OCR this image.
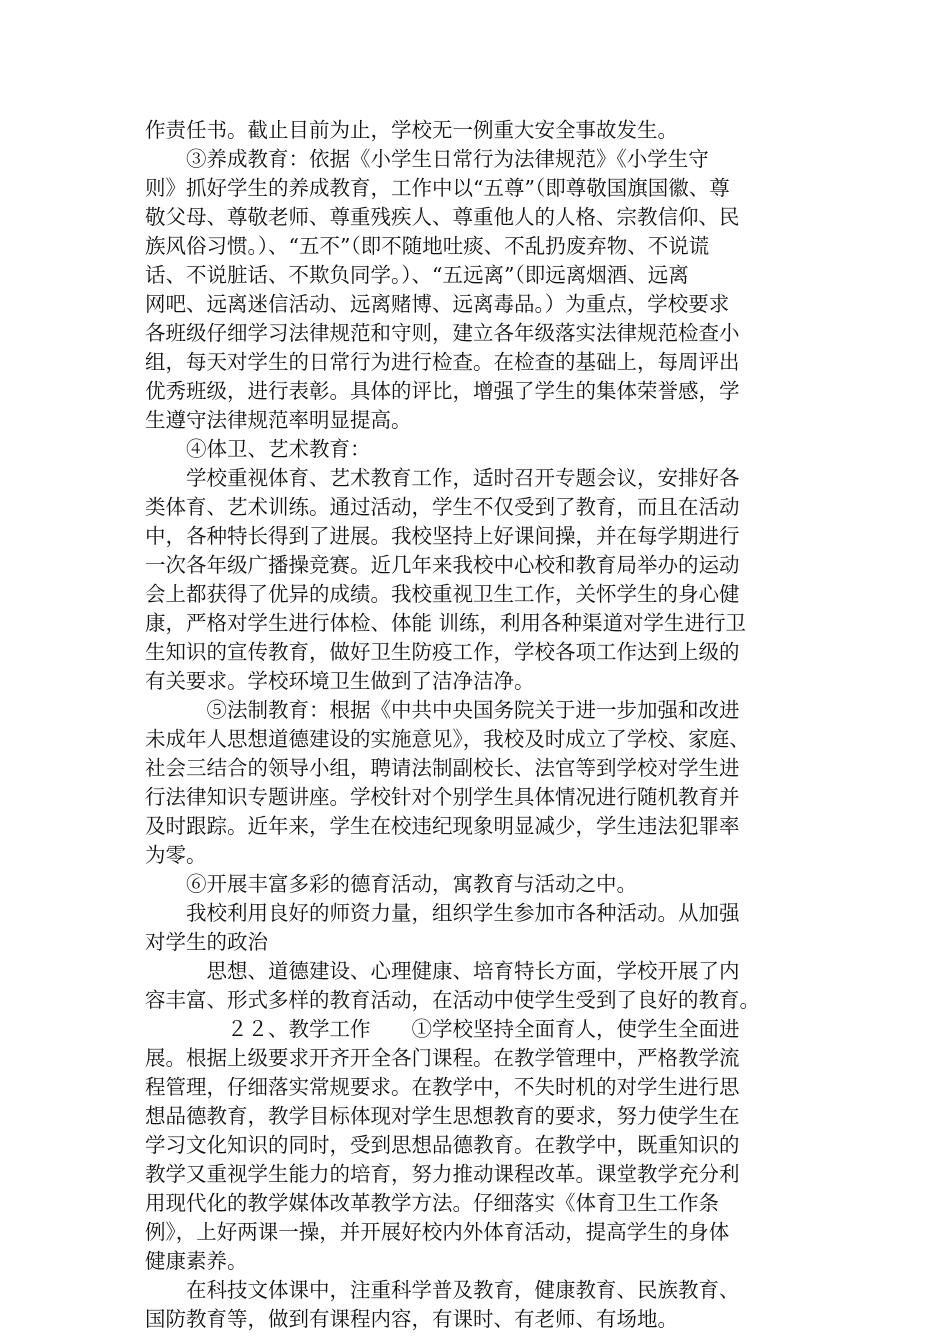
作责任书。截止目前为止，学校无一例重大安全事故发生。
　　③养成教育：依据《小学生日常行为法律规范》《小学生守
则》抓好学生的养成教育，工作中以“五尊”（即尊敬国旗国徽、尊
敬父母、尊敬老师、尊重残疾人、尊重他人的人格、宗教信仰、民
族风俗习惯。）、“五不”（即不随地吐痰、不乱扔废弃物、不说谎
话、不说脏话、不欺负同学。）、“五远离”（即远离烟酒、远离
网吧、远离迷信活动、远离赌博、远离毒品。）为重点，学校要求
各班级仔细学习法律规范和守则，建立各年级落实法律规范检查小
组，每天对学生的日常行为进行检查。在检查的基础上，每周评出
优秀班级，进行表彰。具体的评比，增强了学生的集体荣誉感，学
生遵守法律规范率明显提高。
　　④体卫、艺术教育：
　　学校重视体育、艺术教育工作，适时召开专题会议，安排好各
类体育、艺术训练。通过活动，学生不仅受到了教育，而且在活动
中，各种特长得到了进展。我校坚持上好课间操，并在每学期进行
一次各年级广播操竞赛。近几年来我校中心校和教育局举办的运动
会上都获得了优异的成绩。我校重视卫生工作，关怀学生的身心健
康，严格对学生进行体检、体能 训练，利用各种渠道对学生进行卫
生知识的宣传教育，做好卫生防疫工作，学校各项工作达到上级的
有关要求。学校环境卫生做到了洁净洁净。
　　　⑤法制教育：根据《中共中央国务院关于进一步加强和改进
未成年人思想道德建设的实施意见》，我校及时成立了学校、家庭、
社会三结合的领导小组，聘请法制副校长、法官等到学校对学生进
行法律知识专题讲座。学校针对个别学生具体情况进行随机教育并
及时跟踪。近年来，学生在校违纪现象明显减少，学生违法犯罪率
为零。
　　⑥开展丰富多彩的德育活动，寓教育与活动之中。
　　我校利用良好的师资力量，组织学生参加市各种活动。从加强
对学生的政治
　　　思想、道德建设、心理健康、培育特长方面，学校开展了内
容丰富、形式多样的教育活动，在活动中使学生受到了良好的教育。
　　　　２２、教学工作　　①学校坚持全面育人，使学生全面进
展。根据上级要求开齐开全各门课程。在教学管理中，严格教学流
程管理，仔细落实常规要求。在教学中，不失时机的对学生进行思
想品德教育，教学目标体现对学生思想教育的要求，努力使学生在
学习文化知识的同时，受到思想品德教育。在教学中，既重知识的
教学又重视学生能力的培育，努力推动课程改革。课堂教学充分利
用现代化的教学媒体改革教学方法。仔细落实《体育卫生工作条
例》，上好两课一操，并开展好校内外体育活动，提高学生的身体
健康素养。
　　在科技文体课中，注重科学普及教育，健康教育、民族教育、
国防教育等，做到有课程内容，有课时、有老师、有场地。
